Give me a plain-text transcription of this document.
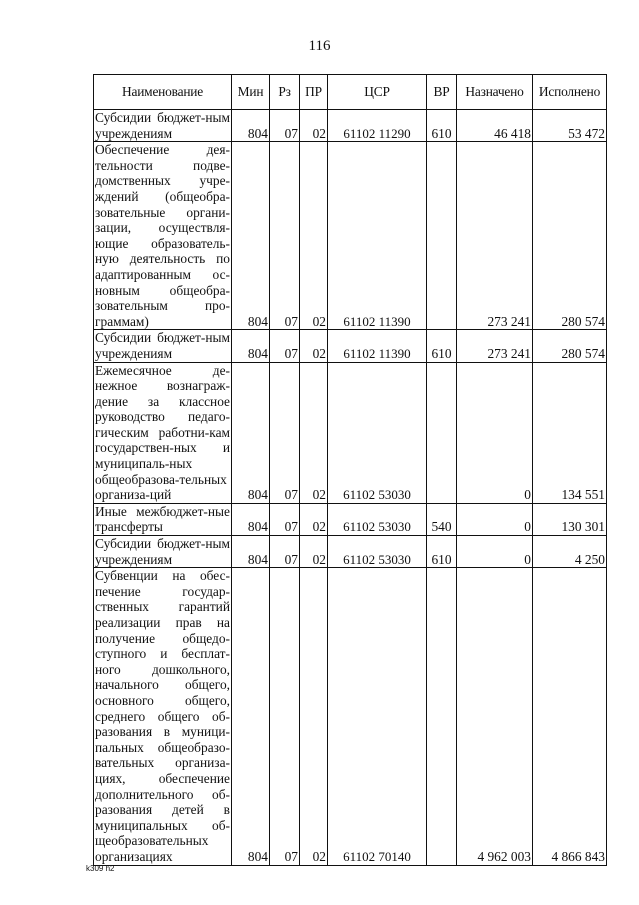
116
Наименование	Мин	Рз	ПР	ЦСР	ВР	Назначено	Исполнено

Субсидии бюджет-ным учреждениям	804	07	02	61102 11290	610	46 418	53 472

Обеспечение дея-тельности подве-домственных учре-ждений (общеобра-зовательные органи-зации, осуществля-ющие образователь-ную деятельность по адаптированным ос-новным общеобра-зовательным про-граммам)	804	07	02	61102 11390		273 241	280 574

Субсидии бюджет-ным учреждениям	804	07	02	61102 11390	610	273 241	280 574

Ежемесячное де-нежное вознаграж-дение за классное руководство педаго-гическим работни-кам государствен-ных и муниципаль-ных общеобразова-тельных организа-ций	804	07	02	61102 53030		0	134 551

Иные межбюджет-ные трансферты	804	07	02	61102 53030	540	0	130 301

Субсидии бюджет-ным учреждениям	804	07	02	61102 53030	610	0	4 250

Субвенции на обес-печение государ-ственных гарантий реализации прав на получение общедо-ступного и бесплат-ного дошкольного, начального общего, основного общего, среднего общего об-разования в муници-пальных общеобразо-вательных организа-циях, обеспечение дополнительного об-разования детей в муниципальных об-щеобразовательных организациях	804	07	02	61102 70140		4 962 003	4 866 843
k309 h2
